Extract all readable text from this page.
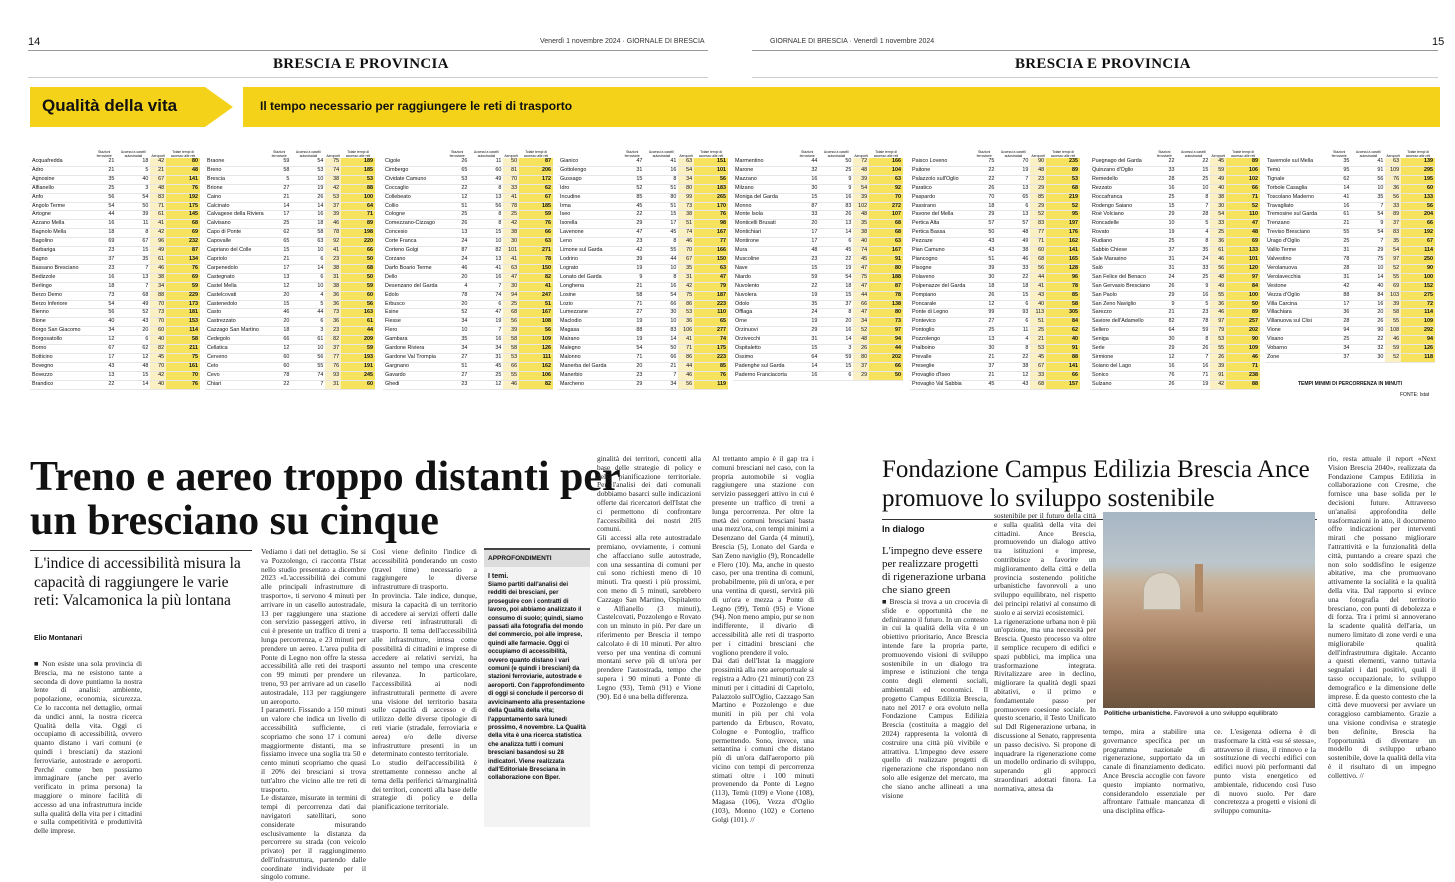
14	Venerdì 1 novembre 2024 · GIORNALE DI BRESCIA	GIORNALE DI BRESCIA · Venerdì 1 novembre 2024	15
BRESCIA E PROVINCIA	BRESCIA E PROVINCIA
Qualità della vita	Il tempo necessario per raggiungere le reti di trasporto
	Stazioni ferroviarie	Accessi a caselli autostradali	Aeroporti	Totale tempi di accesso alle reti
Acquafredda	21	18	42	80
Adro	21	5	21	48
Agnosine	35	40	67	141
Alfianello	25	3	48	76
Anfo	56	54	83	192
Angolo Terme	54	50	71	175
Artogne	44	39	61	145
Azzano Mella	16	11	41	68
Bagnolo Mella	18	8	42	69
Bagolino	69	67	96	232
Barbariga	23	15	49	87
Bagno	37	35	61	134
Bassano Bresciano	23	7	46	76
Bedizzole	16	13	38	69
Berlingo	18	7	34	59
Berzo Demo	73	68	88	229
Berzo Inferiore	54	49	70	173
Bienno	56	52	73	181
Bione	40	43	70	153
Borgo San Giacomo	34	20	60	114
Borgosatollo	12	6	40	58
Borno	67	62	82	211
Botticino	17	12	45	75
Bovegno	43	48	70	161
Bovezzo	13	15	42	70
Brandico	22	14	40	76
	Stazioni ferroviarie	Accessi a caselli autostradali	Aeroporti	Totale tempi di accesso alle reti
Braone	59	54	75	189
Breno	58	53	74	185
Brescia	5	10	38	53
Brione	27	19	42	88
Caino	21	26	53	100
Calcinato	14	14	37	64
Calvagese della Riviera	17	16	39	71
Calvisano	25	18	46	89
Capo di Ponte	62	58	78	198
Capovalle	65	63	92	220
Capriano del Colle	15	10	41	66
Capriolo	21	6	23	50
Carpenedolo	17	14	38	68
Castegnato	13	6	31	50
Castel Mella	12	10	38	59
Castelcovati	20	4	36	60
Castenedolo	15	5	36	56
Casto	46	44	73	163
Castrezzato	20	6	36	61
Cazzago San Martino	18	3	23	44
Cedegolo	66	61	82	209
Cellatica	12	10	37	59
Cerveno	60	56	77	193
Ceto	60	55	76	191
Cevo	78	74	93	245
Chiari	22	7	31	60
	Stazioni ferroviarie	Accessi a caselli autostradali	Aeroporti	Totale tempi di accesso alle reti
Cigole	26	11	50	87
Cimbergo	65	60	81	206
Cividate Camuno	53	49	70	172
Coccaglio	22	8	33	62
Collebeato	12	13	41	67
Collio	51	56	78	185
Cologne	25	8	25	59
Comezzano-Cizzago	26	8	42	76
Concesio	13	15	38	66
Corte Franca	24	10	30	63
Corteno Golgi	87	82	101	271
Corzano	24	13	41	78
Darfo Boario Terme	46	41	63	150
Dello	20	16	47	82
Desenzano del Garda	4	7	30	41
Edolo	78	74	94	247
Erbusco	20	6	25	51
Esine	52	47	68	167
Fiesse	34	19	56	108
Flero	10	7	39	56
Gambara	35	16	58	109
Gardone Riviera	34	34	58	126
Gardone Val Trompia	27	31	53	111
Gargnano	51	45	66	162
Gavardo	27	25	55	106
Ghedi	23	12	46	82
	Stazioni ferroviarie	Accessi a caselli autostradali	Aeroporti	Totale tempi di accesso alle reti
Gianico	47	41	63	151
Gottolengo	31	16	54	101
Gussago	15	8	34	56
Idro	52	51	80	183
Incudine	85	80	99	265
Irma	45	51	73	170
Iseo	22	15	38	76
Isorella	29	17	51	98
Lavenone	47	45	74	167
Leno	23	8	46	77
Limone sul Garda	42	55	70	166
Lodrino	39	44	67	150
Lograto	19	10	35	63
Lonato del Garda	9	8	31	47
Longhena	21	16	42	79
Losine	58	54	75	187
Lozio	71	66	86	223
Lumezzane	27	30	53	110
Maclodio	19	10	36	65
Magasa	88	83	106	277
Mairano	19	14	41	74
Malegno	54	50	71	175
Malonno	71	66	86	223
Manerba del Garda	20	21	44	85
Manerbio	23	7	46	76
Marcheno	29	34	56	119
	Stazioni ferroviarie	Accessi a caselli autostradali	Aeroporti	Totale tempi di accesso alle reti
Marmentino	44	50	72	166
Marone	32	25	48	104
Mazzano	16	9	39	63
Milzano	30	9	54	92
Moniga del Garda	15	16	39	70
Monno	87	83	102	272
Monte Isola	33	26	48	107
Monticelli Brusati	20	13	35	68
Montichiari	17	14	38	68
Montirone	17	6	40	63
Mura	48	45	74	167
Muscoline	23	22	45	91
Nave	15	19	47	80
Niardo	59	54	75	188
Nuvolento	22	18	47	87
Nuvolera	19	15	44	78
Odolo	35	37	66	138
Offlaga	24	8	47	80
Orne	19	20	34	73
Orzinuovi	29	16	52	97
Orzivecchi	31	14	48	94
Ospitaletto	15	3	26	44
Ossimo	64	59	80	202
Padenghe sul Garda	14	15	37	66
Paderno Franciacorta	16	6	29	50
	Stazioni ferroviarie	Accessi a caselli autostradali	Aeroporti	Totale tempi di accesso alle reti
Paisco Loveno	75	70	90	235
Paitone	22	19	48	89
Palazzolo sull'Oglio	22	7	23	53
Paratico	26	13	29	68
Paspardo	70	65	85	219
Passirano	18	6	29	52
Pavone del Mella	29	13	52	95
Pertica Alta	57	57	83	197
Pertica Bassa	50	48	77	176
Pezzaze	43	49	71	162
Pian Camuno	43	38	60	141
Piancogno	51	46	68	165
Pisogne	39	33	56	128
Polaveno	30	22	44	96
Polpenazze del Garda	18	18	41	78
Pompiano	26	15	43	85
Poncarale	12	6	40	58
Ponte di Legno	99	93	113	305
Pontevico	27	6	51	84
Pontoglio	25	11	25	62
Pozzolengo	13	4	21	40
Pralboino	30	8	53	91
Prevalle	21	22	45	88
Preseglie	37	38	67	141
Provaglio d'Iseo	21	12	33	66
Provaglio Val Sabbia	45	43	68	157
	Stazioni ferroviarie	Accessi a caselli autostradali	Aeroporti	Totale tempi di accesso alle reti
Puegnago del Garda	22	22	45	89
Quinzano d'Oglio	33	15	59	106
Remedello	28	25	49	102
Rezzato	16	10	40	66
Roccafranca	25	8	38	71
Rodengo Saiano	15	7	30	52
Roè Volciano	29	28	54	110
Roncadelle	10	5	33	47
Rovato	19	4	25	48
Rudiano	25	8	36	69
Sabbio Chiese	37	35	61	133
Sale Marasino	31	24	46	101
Salò	31	33	56	120
San Felice del Benaco	24	25	48	97
San Gervasio Bresciano	26	9	49	84
San Paolo	29	16	55	100
San Zeno Naviglio	9	5	36	50
Sarezzo	21	23	46	89
Saviore dell'Adamello	82	78	97	257
Sellero	64	59	79	202
Seniga	30	8	53	90
Serle	29	26	55	109
Sirmione	12	7	26	46
Soiano del Lago	16	16	39	71
Sonico	76	71	91	238
Sulzano	26	19	42	88
	Stazioni ferroviarie	Accessi a caselli autostradali	Aeroporti	Totale tempi di accesso alle reti
Tavernole sul Mella	35	41	63	139
Temù	95	91	109	295
Tignale	62	56	76	195
Torbole Casaglia	14	10	36	60
Toscolano Maderno	41	35	56	133
Travagliato	16	7	33	56
Tremosine sul Garda	61	54	89	204
Trenzano	21	9	37	66
Treviso Bresciano	55	54	83	192
Urago d'Oglio	25	7	35	67
Vallio Terme	31	29	54	114
Valvestino	78	75	97	250
Verolanuova	28	10	52	90
Verolavecchia	31	14	55	100
Vestone	42	40	69	152
Vezza d'Oglio	88	84	103	275
Villa Carcina	17	16	39	72
Villachiara	36	20	58	114
Villanuova sul Clisi	28	26	55	109
Vione	94	90	108	292
Visano	25	22	46	94
Vobarno	34	32	59	126
Zone	37	30	52	118
TEMPI MINIMI DI PERCORRENZA IN MINUTI
FONTE: Istat
Treno e aereo troppo distanti per un bresciano su cinque
L'indice di accessibilità misura la capacità di raggiungere le varie reti: Valcamonica la più lontana
Elio Montanari
■ Non esiste una sola provincia di Brescia, ma ne esistono tante a seconda di dove puntiamo la nostra lente di analisi: ambiente, popolazione, economia, sicurezza. Ce lo racconta nel dettaglio, ormai da undici anni, la nostra ricerca Qualità della vita. Oggi ci occupiamo di accessibilità, ovvero quanto distano i vari comuni (e quindi i bresciani) da stazioni ferroviarie, autostrade e aeroporti. Perché come ben possiamo immaginare (anche per averlo verificato in prima persona) la maggiore o minore facilità di accesso ad una infrastruttura incide sulla qualità della vita per i cittadini e sulla competitività e produttività delle imprese.

Vediamo i dati nel dettaglio. Se si va Pozzolengo, ci racconta l'Istat nello studio presentato a dicembre 2023 «L'accessibilità dei comuni alle principali infrastrutture di trasporto», ti servono 4 minuti per arrivare in un casello autostradale, 13 per raggiungere una stazione con servizio passeggeri attivo, in cui è presente un traffico di treni a lunga percorrenza, e 23 minuti per prendere un aereo. L'area pulita di Ponte di Legno non offre la stessa accessibilità alle reti dei trasporti con 99 minuti per prendere un treno, 93 per arrivare ad un casello autostradale, 113 per raggiungere un aeroporto.
I parametri. Fissando a 150 minuti un valore che indica un livello di accessibilità sufficiente, ci scopriamo che sono 17 i comuni maggiormente distanti, ma se fissiamo invece una soglia tra 50 e cento minuti scopriamo che quasi il 20% dei bresciani si trova tutt'altro che vicino alle tre reti di trasporto.
Le distanze, misurate in termini di tempi di percorrenza dati dai navigatori satellitari, sono considerate misurando esclusivamente la distanza da percorrere su strada (con veicolo privato) per il raggiungimento dell'infrastruttura, partendo dalle coordinate individuate per il singolo comune.
Così viene definito l'indice di accessibilità ponderando un costo (travel time) necessario a raggiungere le diverse infrastrutture di trasporto.
In provincia. Tale indice, dunque, misura la capacità di un territorio di accedere ai servizi offerti dalle diverse reti infrastrutturali di trasporto. Il tema dell'accessibilità alle infrastrutture, intesa come possibilità di cittadini e imprese di accedere ai relativi servizi, ha assunto nel tempo una crescente rilevanza. In particolare, l'accessibilità ai nodi infrastrutturali permette di avere una visione del territorio basata sulle capacità di accesso e di utilizzo delle diverse tipologie di reti viarie (stradale, ferroviaria e aerea) e/o delle diverse infrastrutture presenti in un determinato contesto territoriale.
Lo studio dell'accessibilità è strettamente connesso anche al tema della periferici tà/marginalità dei territori, concetti alla base delle strategie di policy e della pianificazione territoriale.
APPROFONDIMENTI
I temi.
Siamo partiti dall'analisi dei redditi dei bresciani, per proseguire con i contratti di lavoro, poi abbiamo analizzato il consumo di suolo; quindi, siamo passati alla fotografia del mondo del commercio, poi alle imprese, quindi alle farmacie. Oggi ci occupiamo di accessibilità, ovvero quanto distano i vari comuni (e quindi i bresciani) da stazioni ferroviarie, autostrade e aeroporti. Con l'approfondimento di oggi si conclude il percorso di avvicinamento alla presentazione della Qualità della vita; l'appuntamento sarà lunedì prossimo, 4 novembre. La Qualità della vita è una ricerca statistica che analizza tutti i comuni bresciani basandosi su 28 indicatori. Viene realizzata dall'Editoriale Bresciana in collaborazione con Bper.
ginalità dei territori, concetti alla base delle strategie di policy e della pianificazione territoriale. Per l'analisi dei dati comunali dobbiamo basarci sulle indicazioni offerte dai ricercatori dell'Istat che ci permettono di confrontare l'accessibilità dei nostri 205 comuni.
Gli accessi alla rete autostradale premiano, ovviamente, i comuni che affacciano sulle autostrade, con una sessantina di comuni per cui sono richiesti meno di 10 minuti. Tra questi i più prossimi, con meno di 5 minuti, sarebbero Cazzago San Martino, Ospitaletto e Alfianello (3 minuti), Castelcovati, Pozzolengo e Rovato con un minuto in più. Per dare un riferimento per Brescia il tempo calcolato è di 10 minuti. Per altro verso per una ventina di comuni montani serve più di un'ora per prendere l'autostrada, tempo che supera i 90 minuti a Ponte di Legno (93), Temù (91) e Vione (90). Ed è una bella differenza.
Al trettanto ampio è il gap tra i comuni bresciani nel caso, con la propria automobile si voglia raggiungere una stazione con servizio passeggeri attivo in cui è presente un traffico di treni a lunga percorrenza. Per oltre la metà dei comuni bresciani basta una mezz'ora, con tempi minimi a Desenzano del Garda (4 minuti), Brescia (5), Lonato del Garda e San Zeno naviglio (9), Roncadelle e Flero (10). Ma, anche in questo caso, per una trentina di comuni, probabilmente, più di un'ora, e per una ventina di questi, servirà più di un'ora e mezza a Ponte di Legno (99), Temù (95) e Vione (94). Non meno ampio, pur se non indifferente, il divario di accessibilità alle reti di trasporto per i cittadini bresciani che vogliono prendere il volo.
Dai dati dell'Istat la maggiore prossimità alla rete aeroportuale si registra a Adro (21 minuti) con 23 minuti per i cittadini di Capriolo, Palazzolo sull'Oglio, Cazzago San Martino e Pozzolengo e due muniti in più per chi vola partendo da Erbusco, Rovato, Cologne e Pontoglio, traffico permettendo. Sono, invece, una settantina i comuni che distano più di un'ora dall'aeroporto più vicino con tempi di percorrenza stimati oltre i 100 minuti provenendo da Ponte di Legno (113), Temù (109) e Vione (108), Magasa (106), Vezza d'Oglio (103), Monno (102) e Corteno Golgi (101). //
Fondazione Campus Edilizia Brescia Ance promuove lo sviluppo sostenibile
In dialogo
L'impegno deve essere per realizzare progetti di rigenerazione urbana che siano green
■ Brescia si trova a un crocevia di sfide e opportunità che ne definiranno il futuro. In un contesto in cui la qualità della vita è un obiettivo prioritario, Ance Brescia intende fare la propria parte, promuovendo visioni di sviluppo sostenibile in un dialogo tra imprese e istituzioni che tenga conto degli elementi sociali, ambientali ed economici. Il progetto Campus Edilizia Brescia, nato nel 2017 e ora evoluto nella Fondazione Campus Edilizia Brescia (costituita a maggio del 2024) rappresenta la volontà di costruire una città più vivibile e attrattiva. L'impegno deve essere quello di realizzare progetti di rigenerazione che rispondano non solo alle esigenze del mercato, ma che siano anche allineati a una visione
sostenibile per il futuro della città e sulla qualità della vita dei cittadini. Ance Brescia, promuovendo un dialogo attivo tra istituzioni e imprese, contribuisce a favorire un miglioramento della città e della provincia sostenendo politiche urbanistiche favorevoli a uno sviluppo equilibrato, nel rispetto dei principi relativi al consumo di suolo e ai servizi ecosistemici.
La rigenerazione urbana non è più un'opzione, ma una necessità per Brescia. Questo processo va oltre il semplice recupero di edifici e spazi pubblici, ma implica una trasformazione integrata. Rivitalizzare aree in declino, migliorare la qualità degli spazi abitativi, e il primo e fondamentale passo per promuovere coesione sociale. In questo scenario, il Testo Unificato sul Ddl Rigenerazione urbana, in discussione al Senato, rappresenta un passo decisivo. Si propone di inquadrare la rigenerazione come un modello ordinario di sviluppo, superando gli approcci straordinari adottati finora. La normativa, attesa da
Politiche urbanistiche. Favorevoli a uno sviluppo equilibrato
tempo, mira a stabilire una governance specifica per un programma nazionale di rigenerazione, supportato da un canale di finanziamento dedicato. Ance Brescia accoglie con favore questo impianto normativo, considerandolo essenziale per affrontare l'attuale mancanza di una disciplina effica-
ce. L'esigenza odierna è di trasformare la città «su sé stessa», attraverso il riuso, il rinnovo e la sostituzione di vecchi edifici con edifici nuovi più performanti dal punto vista energetico ed ambientale, riducendo così l'uso di nuovo suolo. Per dare concretezza a progetti e visioni di sviluppo comunita-
rio, resta attuale il report «Next Vision Brescia 2040», realizzata da Fondazione Campus Edilizia in collaborazione con Cresme, che fornisce una base solida per le decisioni future. Attraverso un'analisi approfondita delle trasformazioni in atto, il documento offre indicazioni per interventi mirati che possano migliorare l'attrattività e la funzionalità della città, puntando a creare spazi che non solo soddisfino le esigenze abitative, ma che promuovano attivamente la socialità e la qualità della vita. Dal rapporto si evince una fotografia del territorio bresciano, con punti di debolezza e di forza. Tra i primi si annoverano la scadente qualità dell'aria, un numero limitato di zone verdi e una migliorabile qualità dell'infrastruttura digitale. Accanto a questi elementi, vanno tuttavia segnalati i dati positivi, quali il tasso occupazionale, lo sviluppo demografico e la dimensione delle imprese. È da questo contesto che la città deve muoversi per avviare un coraggioso cambiamento. Grazie a una visione condivisa e strategie ben definite, Brescia ha l'opportunità di diventare un modello di sviluppo urbano sostenibile, dove la qualità della vita è il risultato di un impegno collettivo. //
